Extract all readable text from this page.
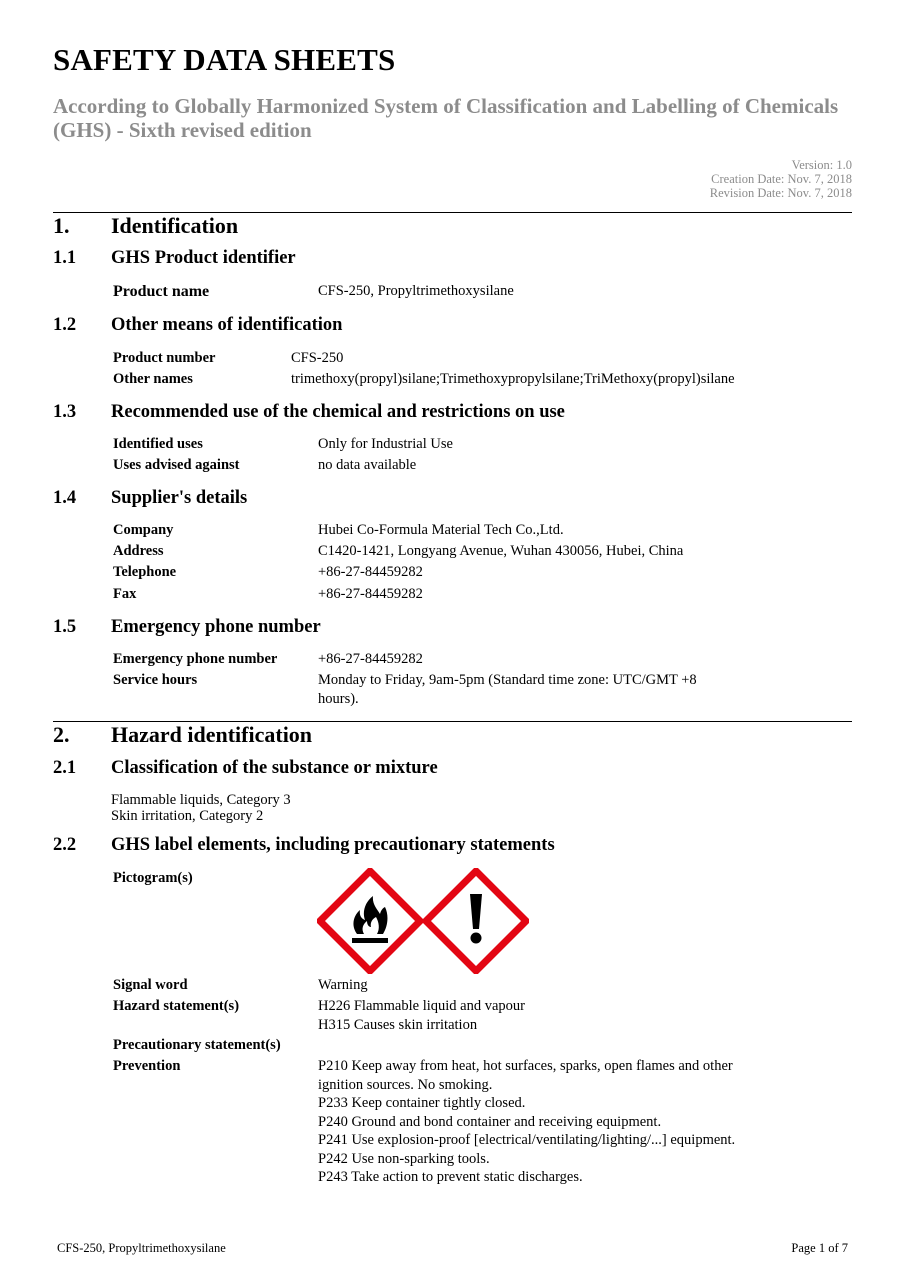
SAFETY DATA SHEETS
According to Globally Harmonized System of Classification and Labelling of Chemicals (GHS) - Sixth revised edition
Version: 1.0
Creation Date: Nov. 7, 2018
Revision Date: Nov. 7, 2018
1. Identification
1.1 GHS Product identifier
Product name	CFS-250, Propyltrimethoxysilane
1.2 Other means of identification
Product number	CFS-250
Other names	trimethoxy(propyl)silane;Trimethoxypropylsilane;TriMethoxy(propyl)silane
1.3 Recommended use of the chemical and restrictions on use
Identified uses	Only for Industrial Use
Uses advised against	no data available
1.4 Supplier's details
Company	Hubei Co-Formula Material Tech Co.,Ltd.
Address	C1420-1421, Longyang Avenue, Wuhan 430056, Hubei, China
Telephone	+86-27-84459282
Fax	+86-27-84459282
1.5 Emergency phone number
Emergency phone number	+86-27-84459282
Service hours	Monday to Friday, 9am-5pm (Standard time zone: UTC/GMT +8
hours).
2. Hazard identification
2.1 Classification of the substance or mixture
Flammable liquids, Category 3
Skin irritation, Category 2
2.2 GHS label elements, including precautionary statements
Pictogram(s)
Signal word	Warning
Hazard statement(s)	H226 Flammable liquid and vapour
H315 Causes skin irritation
Precautionary statement(s)
Prevention	P210 Keep away from heat, hot surfaces, sparks, open flames and other
ignition sources. No smoking.
P233 Keep container tightly closed.
P240 Ground and bond container and receiving equipment.
P241 Use explosion-proof [electrical/ventilating/lighting/...] equipment.
P242 Use non-sparking tools.
P243 Take action to prevent static discharges.
CFS-250, Propyltrimethoxysilane	Page 1 of 7
